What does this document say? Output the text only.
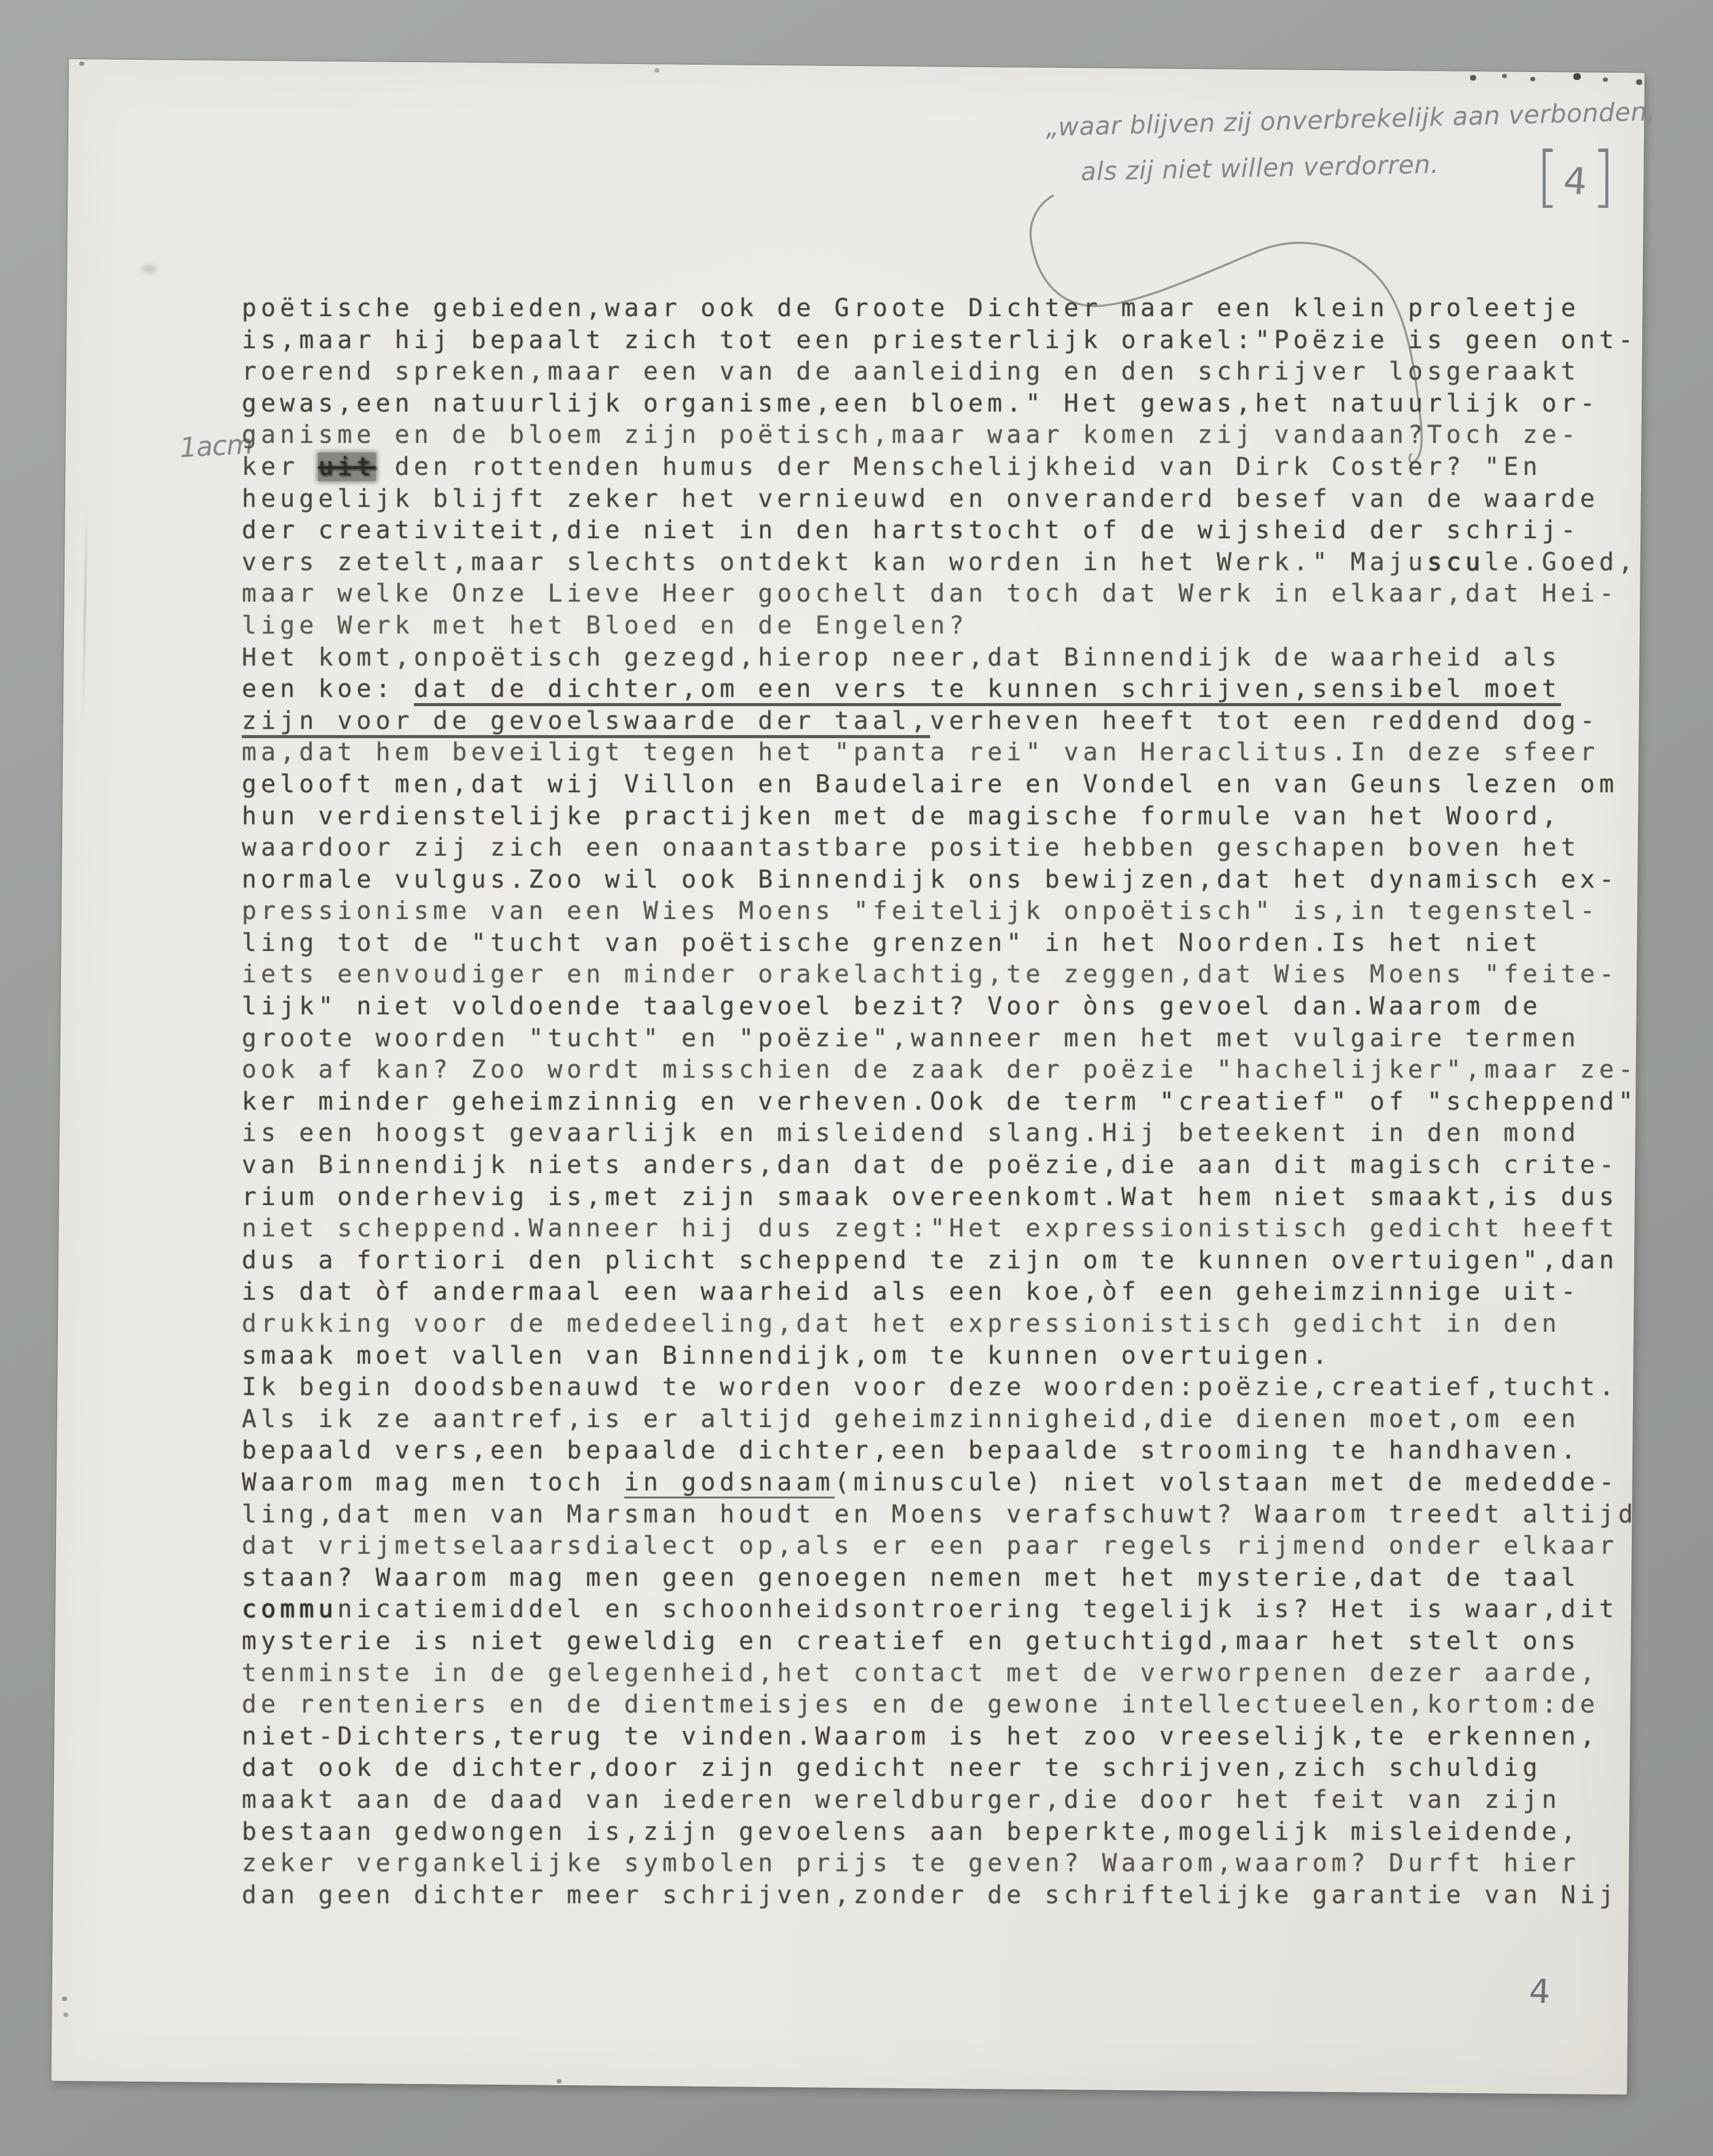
„waar blijven zij onverbrekelijk aan verbonden,
als zij niet willen verdorren. [ 4 ]
1acm
poëtische gebieden,waar ook de Groote Dichter maar een klein proleetje
is,maar hij bepaalt zich tot een priesterlijk orakel:"Poëzie is geen ont-
roerend spreken,maar een van de aanleiding en den schrijver losgeraakt
gewas,een natuurlijk organisme,een bloem." Het gewas,het natuurlijk or-
ganisme en de bloem zijn poëtisch,maar waar komen zij vandaan?Toch ze-
ker uit den rottenden humus der Menschelijkheid van Dirk Coster? "En
heugelijk blijft zeker het vernieuwd en onveranderd besef van de waarde
der creativiteit,die niet in den hartstocht of de wijsheid der schrij-
vers zetelt,maar slechts ontdekt kan worden in het Werk." Majuscule.Goed,
maar welke Onze Lieve Heer goochelt dan toch dat Werk in elkaar,dat Hei-
lige Werk met het Bloed en de Engelen?
Het komt,onpoëtisch gezegd,hierop neer,dat Binnendijk de waarheid als
een koe: dat de dichter,om een vers te kunnen schrijven,sensibel moet
zijn voor de gevoelswaarde der taal,verheven heeft tot een reddend dog-
ma,dat hem beveiligt tegen het "panta rei" van Heraclitus.In deze sfeer
gelooft men,dat wij Villon en Baudelaire en Vondel en van Geuns lezen om
hun verdienstelijke practijken met de magische formule van het Woord,
waardoor zij zich een onaantastbare positie hebben geschapen boven het
normale vulgus.Zoo wil ook Binnendijk ons bewijzen,dat het dynamisch ex-
pressionisme van een Wies Moens "feitelijk onpoëtisch" is,in tegenstel-
ling tot de "tucht van poëtische grenzen" in het Noorden.Is het niet
iets eenvoudiger en minder orakelachtig,te zeggen,dat Wies Moens "feite-
lijk" niet voldoende taalgevoel bezit? Voor òns gevoel dan.Waarom de
groote woorden "tucht" en "poëzie",wanneer men het met vulgaire termen
ook af kan? Zoo wordt misschien de zaak der poëzie "hachelijker",maar ze-
ker minder geheimzinnig en verheven.Ook de term "creatief" of "scheppend"
is een hoogst gevaarlijk en misleidend slang.Hij beteekent in den mond
van Binnendijk niets anders,dan dat de poëzie,die aan dit magisch crite-
rium onderhevig is,met zijn smaak overeenkomt.Wat hem niet smaakt,is dus
niet scheppend.Wanneer hij dus zegt:"Het expressionistisch gedicht heeft
dus a fortiori den plicht scheppend te zijn om te kunnen overtuigen",dan
is dat òf andermaal een waarheid als een koe,òf een geheimzinnige uit-
drukking voor de mededeeling,dat het expressionistisch gedicht in den
smaak moet vallen van Binnendijk,om te kunnen overtuigen.
Ik begin doodsbenauwd te worden voor deze woorden:poëzie,creatief,tucht.
Als ik ze aantref,is er altijd geheimzinnigheid,die dienen moet,om een
bepaald vers,een bepaalde dichter,een bepaalde strooming te handhaven.
Waarom mag men toch in godsnaam(minuscule) niet volstaan met de mededde-
ling,dat men van Marsman houdt en Moens verafschuwt? Waarom treedt altijd
dat vrijmetselaarsdialect op,als er een paar regels rijmend onder elkaar
staan? Waarom mag men geen genoegen nemen met het mysterie,dat de taal
communicatiemiddel en schoonheidsontroering tegelijk is? Het is waar,dit
mysterie is niet geweldig en creatief en getuchtigd,maar het stelt ons
tenminste in de gelegenheid,het contact met de verworpenen dezer aarde,
de renteniers en de dientmeisjes en de gewone intellectueelen,kortom:de
niet-Dichters,terug te vinden.Waarom is het zoo vreeselijk,te erkennen,
dat ook de dichter,door zijn gedicht neer te schrijven,zich schuldig
maakt aan de daad van iederen wereldburger,die door het feit van zijn
bestaan gedwongen is,zijn gevoelens aan beperkte,mogelijk misleidende,
zeker vergankelijke symbolen prijs te geven? Waarom,waarom? Durft hier
dan geen dichter meer schrijven,zonder de schriftelijke garantie van Nij
4
